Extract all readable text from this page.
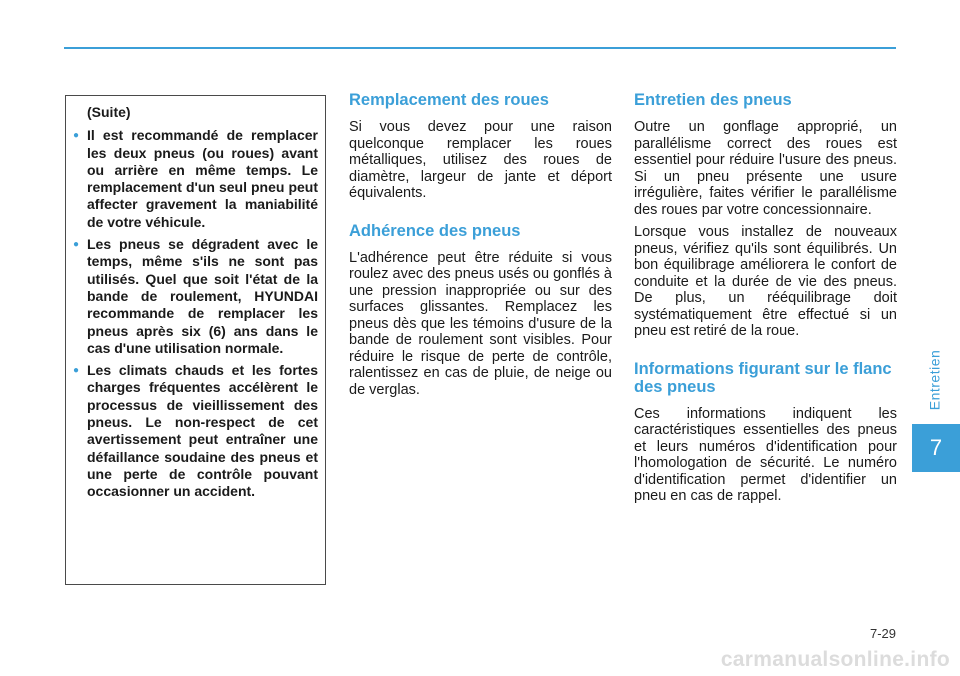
(Suite)
● Il est recommandé de remplacer les deux pneus (ou roues) avant ou arrière en même temps. Le remplacement d'un seul pneu peut affecter gravement la maniabilité de votre véhicule.
● Les pneus se dégradent avec le temps, même s'ils ne sont pas utilisés. Quel que soit l'état de la bande de roulement, HYUNDAI recommande de remplacer les pneus après six (6) ans dans le cas d'une utilisation normale.
● Les climats chauds et les fortes charges fréquentes accélèrent le processus de vieillissement des pneus. Le non-respect de cet avertissement peut entraîner une défaillance soudaine des pneus et une perte de contrôle pouvant occasionner un accident.
Remplacement des roues

Si vous devez pour une raison quelconque remplacer les roues métalliques, utilisez des roues de diamètre, largeur de jante et déport équivalents.

Adhérence des pneus

L'adhérence peut être réduite si vous roulez avec des pneus usés ou gonflés à une pression inappropriée ou sur des surfaces glissantes. Remplacez les pneus dès que les témoins d'usure de la bande de roulement sont visibles. Pour réduire le risque de perte de contrôle, ralentissez en cas de pluie, de neige ou de verglas.

Entretien des pneus

Outre un gonflage approprié, un parallélisme correct des roues est essentiel pour réduire l'usure des pneus. Si un pneu présente une usure irrégulière, faites vérifier le parallélisme des roues par votre concessionnaire.

Lorsque vous installez de nouveaux pneus, vérifiez qu'ils sont équilibrés. Un bon équilibrage améliorera le confort de conduite et la durée de vie des pneus. De plus, un rééquilibrage doit systématiquement être effectué si un pneu est retiré de la roue.

Informations figurant sur le flanc des pneus

Ces informations indiquent les caractéristiques essentielles des pneus et leurs numéros d'identification pour l'homologation de sécurité. Le numéro d'identification permet d'identifier un pneu en cas de rappel.

Entretien
7
7-29
carmanualsonline.info
